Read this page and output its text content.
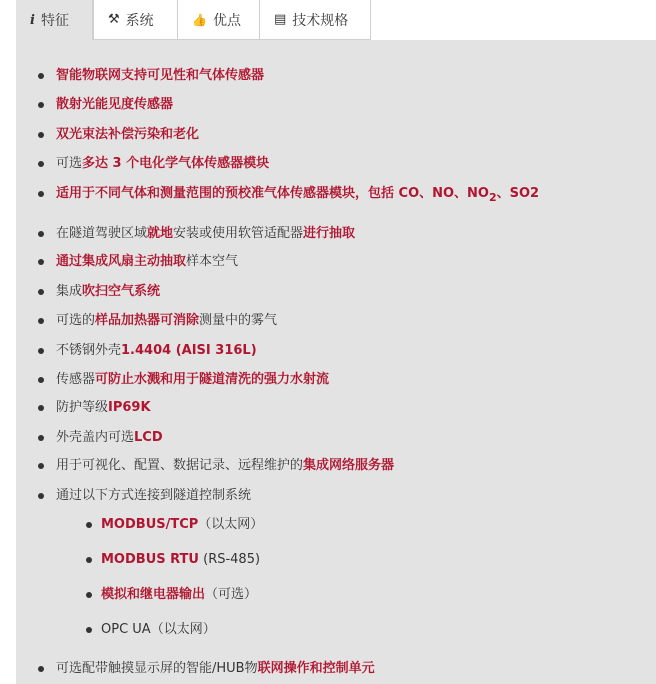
i 特征	⚒ 系统	👍 优点	▤ 技术规格
智能物联网支持可见性和气体传感器
散射光能见度传感器
双光束法补偿污染和老化
可选多达 3 个电化学气体传感器模块
适用于不同气体和测量范围的预校准气体传感器模块，包括 CO、NO、$NO_2$、SO2
在隧道驾驶区域就地安装或使用软管适配器进行抽取
通过集成风扇主动抽取样本空气
集成吹扫空气系统
可选的样品加热器可消除测量中的雾气
不锈钢外壳1.4404 (AISI 316L)
传感器可防止水溅和用于隧道清洗的强力水射流
防护等级IP69K
外壳盖内可选LCD
用于可视化、配置、数据记录、远程维护的集成网络服务器
通过以下方式连接到隧道控制系统
MODBUS/TCP（以太网）
MODBUS RTU (RS-485)
模拟和继电器输出（可选）
OPC UA（以太网）
可选配带触摸显示屏的智能/HUB物联网操作和控制单元
